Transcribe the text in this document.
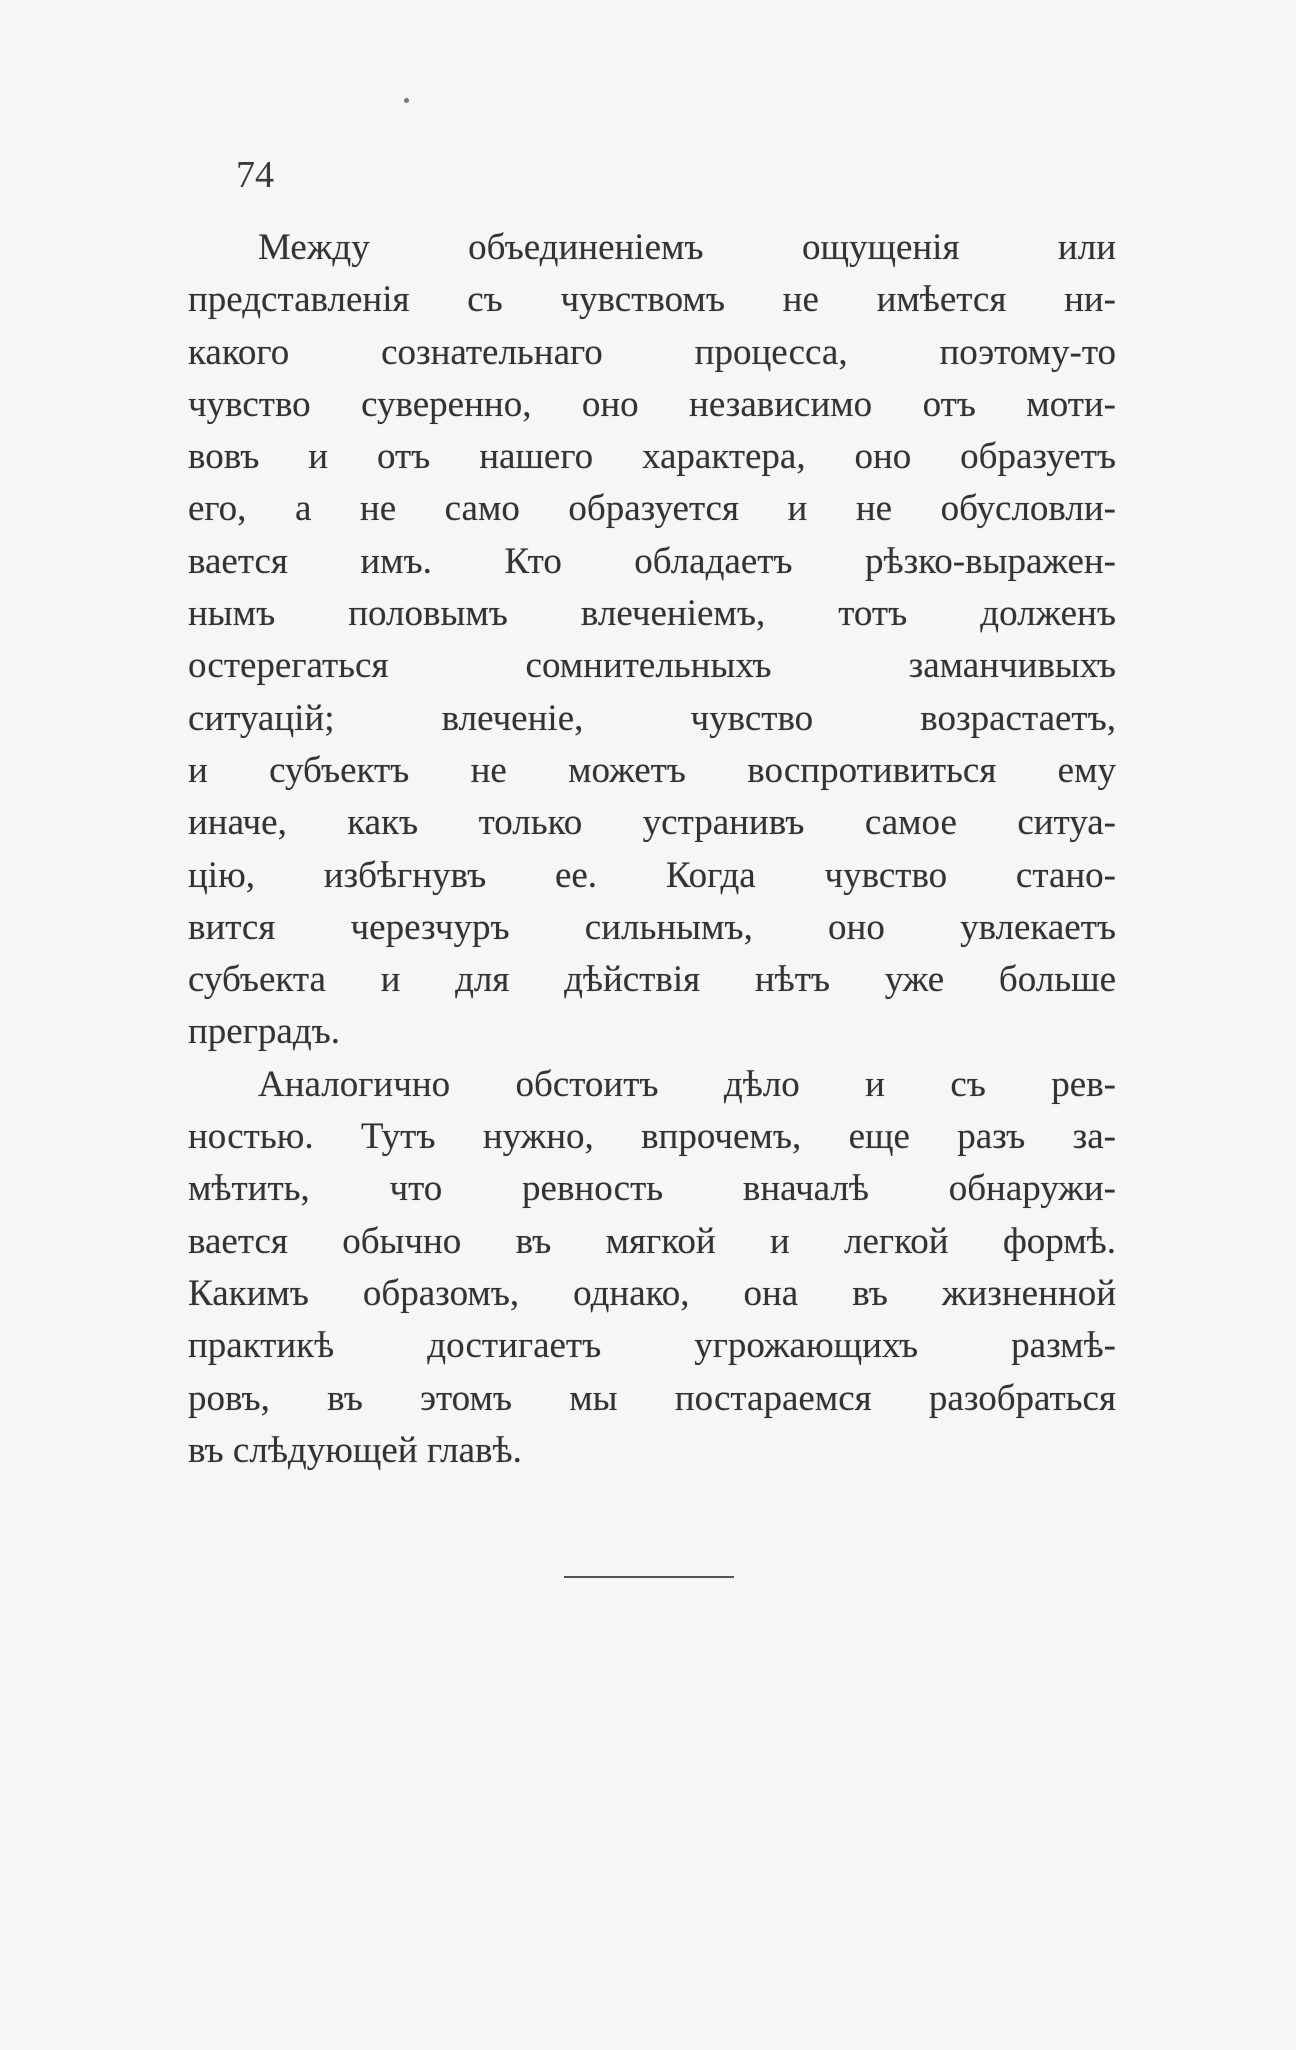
74
Между объединеніемъ ощущенія или
представленія съ чувствомъ не имѣется ни-
какого сознательнаго процесса, поэтому-то
чувство суверенно, оно независимо отъ моти-
вовъ и отъ нашего характера, оно образуетъ
его, а не само образуется и не обусловли-
вается имъ. Кто обладаетъ рѣзко-выражен-
нымъ половымъ влеченіемъ, тотъ долженъ
остерегаться сомнительныхъ заманчивыхъ
ситуацій; влеченіе, чувство возрастаетъ,
и субъектъ не можетъ воспротивиться ему
иначе, какъ только устранивъ самое ситуа-
цію, избѣгнувъ ее. Когда чувство стано-
вится черезчуръ сильнымъ, оно увлекаетъ
субъекта и для дѣйствія нѣтъ уже больше
преградъ.
Аналогично обстоитъ дѣло и съ рев-
ностью. Тутъ нужно, впрочемъ, еще разъ за-
мѣтить, что ревность вначалѣ обнаружи-
вается обычно въ мягкой и легкой формѣ.
Какимъ образомъ, однако, она въ жизненной
практикѣ достигаетъ угрожающихъ размѣ-
ровъ, въ этомъ мы постараемся разобраться
въ слѣдующей главѣ.
